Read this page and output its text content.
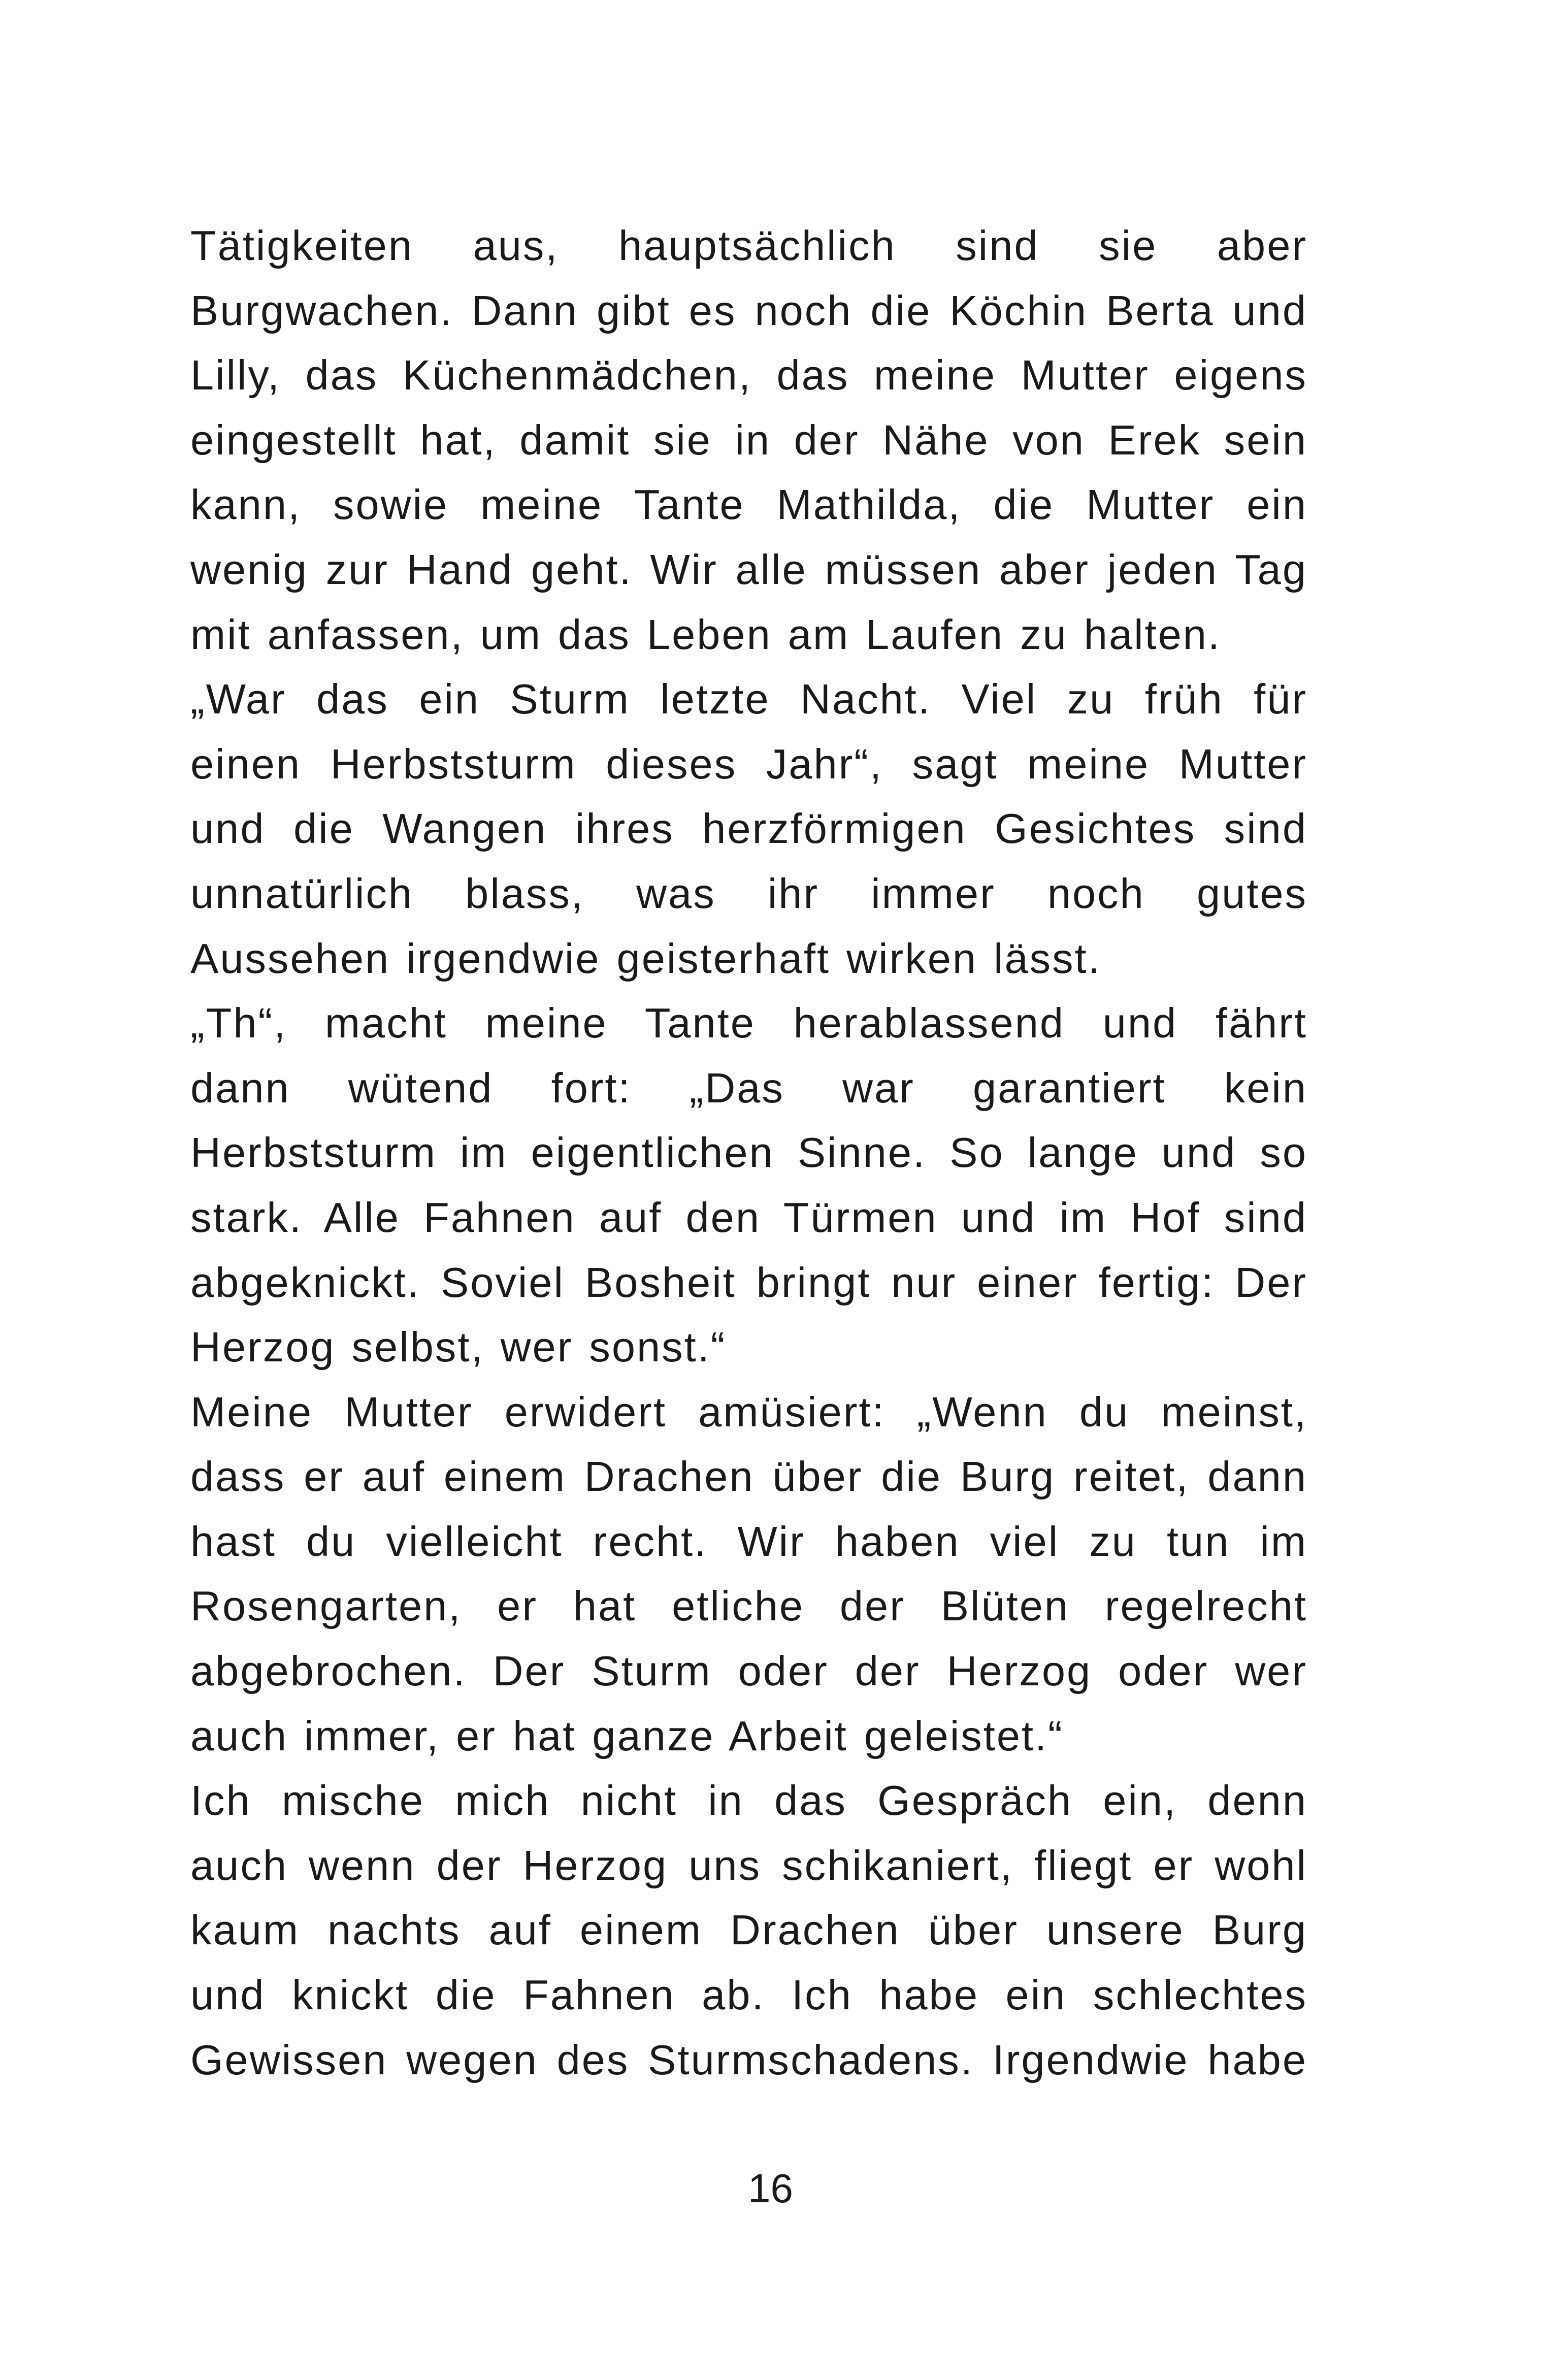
Tätigkeiten aus, hauptsächlich sind sie aber
Burgwachen. Dann gibt es noch die Köchin Berta und
Lilly, das Küchenmädchen, das meine Mutter eigens
eingestellt hat, damit sie in der Nähe von Erek sein
kann, sowie meine Tante Mathilda, die Mutter ein
wenig zur Hand geht. Wir alle müssen aber jeden Tag
mit anfassen, um das Leben am Laufen zu halten.
„War das ein Sturm letzte Nacht. Viel zu früh für
einen Herbststurm dieses Jahr“, sagt meine Mutter
und die Wangen ihres herzförmigen Gesichtes sind
unnatürlich blass, was ihr immer noch gutes
Aussehen irgendwie geisterhaft wirken lässt.
„Th“, macht meine Tante herablassend und fährt
dann wütend fort: „Das war garantiert kein
Herbststurm im eigentlichen Sinne. So lange und so
stark. Alle Fahnen auf den Türmen und im Hof sind
abgeknickt. Soviel Bosheit bringt nur einer fertig: Der
Herzog selbst, wer sonst.“
Meine Mutter erwidert amüsiert: „Wenn du meinst,
dass er auf einem Drachen über die Burg reitet, dann
hast du vielleicht recht. Wir haben viel zu tun im
Rosengarten, er hat etliche der Blüten regelrecht
abgebrochen. Der Sturm oder der Herzog oder wer
auch immer, er hat ganze Arbeit geleistet.“
Ich mische mich nicht in das Gespräch ein, denn
auch wenn der Herzog uns schikaniert, fliegt er wohl
kaum nachts auf einem Drachen über unsere Burg
und knickt die Fahnen ab. Ich habe ein schlechtes
Gewissen wegen des Sturmschadens. Irgendwie habe
16
